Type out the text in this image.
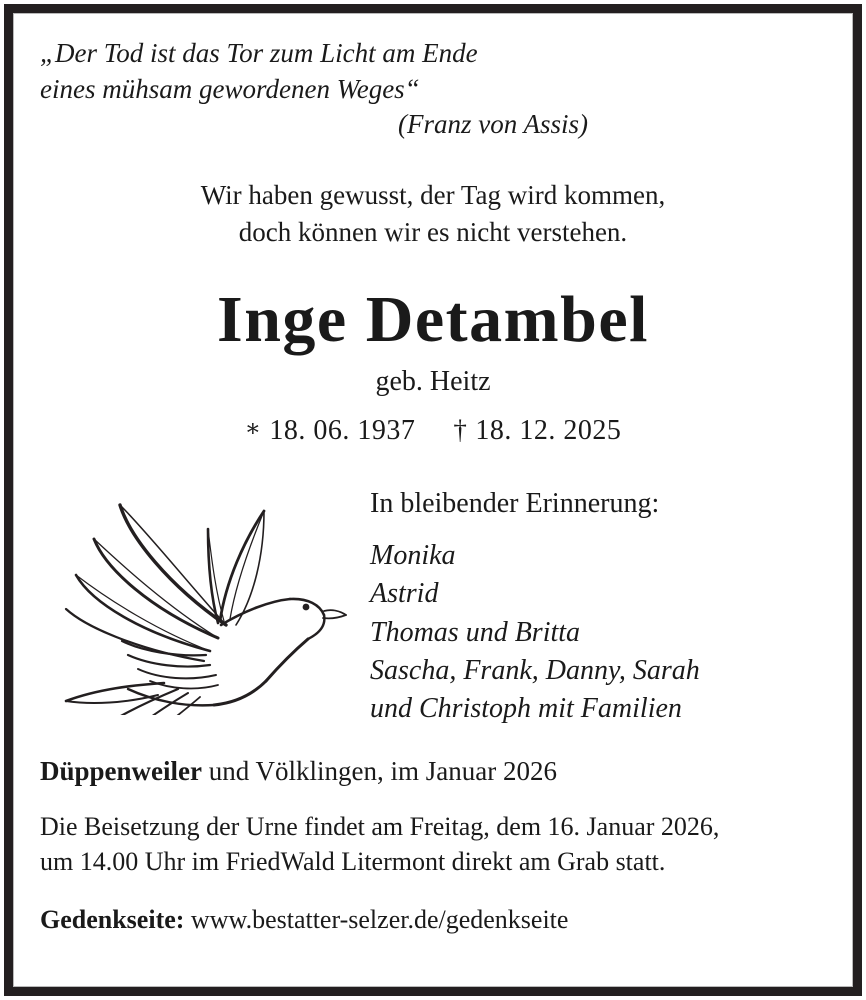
„Der Tod ist das Tor zum Licht am Ende
eines mühsam gewordenen Weges“
(Franz von Assis)
Wir haben gewusst, der Tag wird kommen,
doch können wir es nicht verstehen.
Inge Detambel
geb. Heitz
∗ 18. 06. 1937 † 18. 12. 2025
In bleibender Erinnerung:
Monika
Astrid
Thomas und Britta
Sascha, Frank, Danny, Sarah
und Christoph mit Familien
Düppenweiler und Völklingen, im Januar 2026
Die Beisetzung der Urne findet am Freitag, dem 16. Januar 2026,
um 14.00 Uhr im FriedWald Litermont direkt am Grab statt.
Gedenkseite: www.bestatter-selzer.de/gedenkseite
